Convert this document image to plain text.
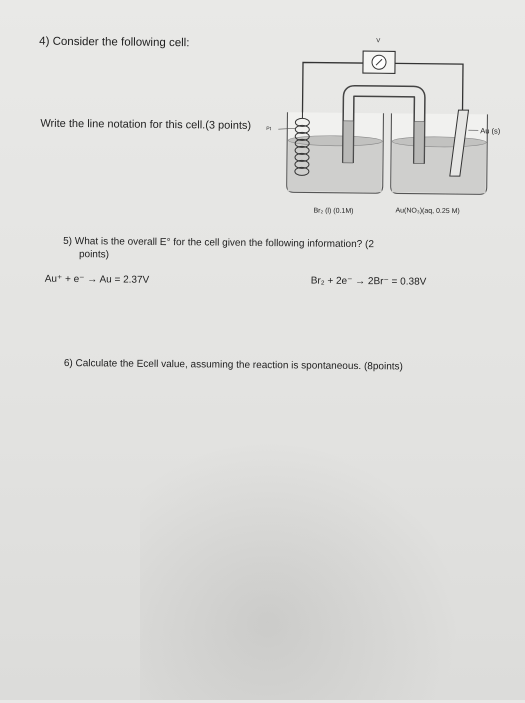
4) Consider the following cell:
Write the line notation for this cell.(3 points)
V
Pt	Au (s)
Br₂ (l) (0.1M)	Au(NO₃)(aq, 0.25 M)
5) What is the overall E° for the cell given the following information? (2
points)
Au⁺ + e⁻ → Au = 2.37V	Br₂ + 2e⁻ → 2Br⁻ = 0.38V
6) Calculate the Ecell value, assuming the reaction is spontaneous. (8points)
